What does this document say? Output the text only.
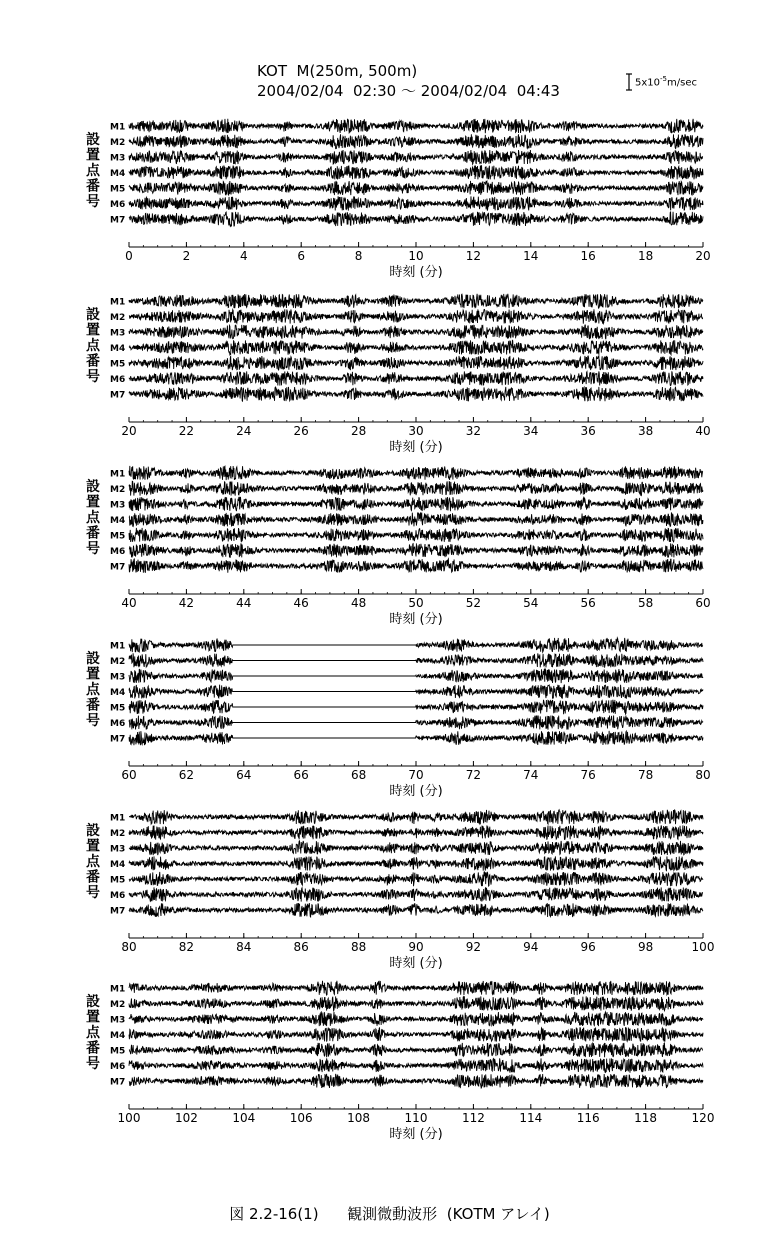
KOT  M(250m, 500m)
2004/02/04  02:30 ～ 2004/02/04  04:43	$5x10^{-5}m/\sec$
設
置
点
番
号
M1
M2
M3
M4
M5
M6
M7
0	2	4	6	8	10	12	14	16	18	20
時刻 (分)
設
置
点
番
号
M1
M2
M3
M4
M5
M6
M7
20	22	24	26	28	30	32	34	36	38	40
時刻 (分)
設
置
点
番
号
M1
M2
M3
M4
M5
M6
M7
40	42	44	46	48	50	52	54	56	58	60
時刻 (分)
設
置
点
番
号
M1
M2
M3
M4
M5
M6
M7
60	62	64	66	68	70	72	74	76	78	80
時刻 (分)
設
置
点
番
号
M1
M2
M3
M4
M5
M6
M7
80	82	84	86	88	90	92	94	96	98	100
時刻 (分)
設
置
点
番
号
M1
M2
M3
M4
M5
M6
M7
100	102	104	106	108	110	112	114	116	118	120
時刻 (分)
図 2.2-16(1)      観測微動波形  (KOTM アレイ)
